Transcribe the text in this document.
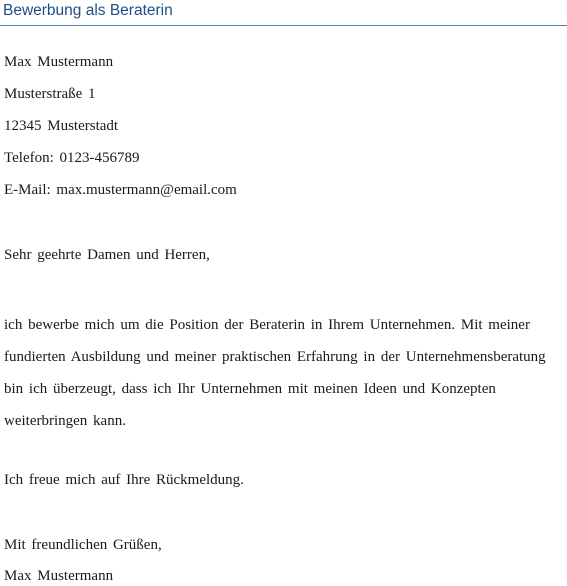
Bewerbung als Beraterin

Max Mustermann

Musterstraße 1

12345 Musterstadt

Telefon: 0123-456789

E-Mail: max.mustermann@email.com

Sehr geehrte Damen und Herren,

ich bewerbe mich um die Position der Beraterin in Ihrem Unternehmen. Mit meiner fundierten Ausbildung und meiner praktischen Erfahrung in der Unternehmensberatung bin ich überzeugt, dass ich Ihr Unternehmen mit meinen Ideen und Konzepten weiterbringen kann.

Ich freue mich auf Ihre Rückmeldung.

Mit freundlichen Grüßen,

Max Mustermann
